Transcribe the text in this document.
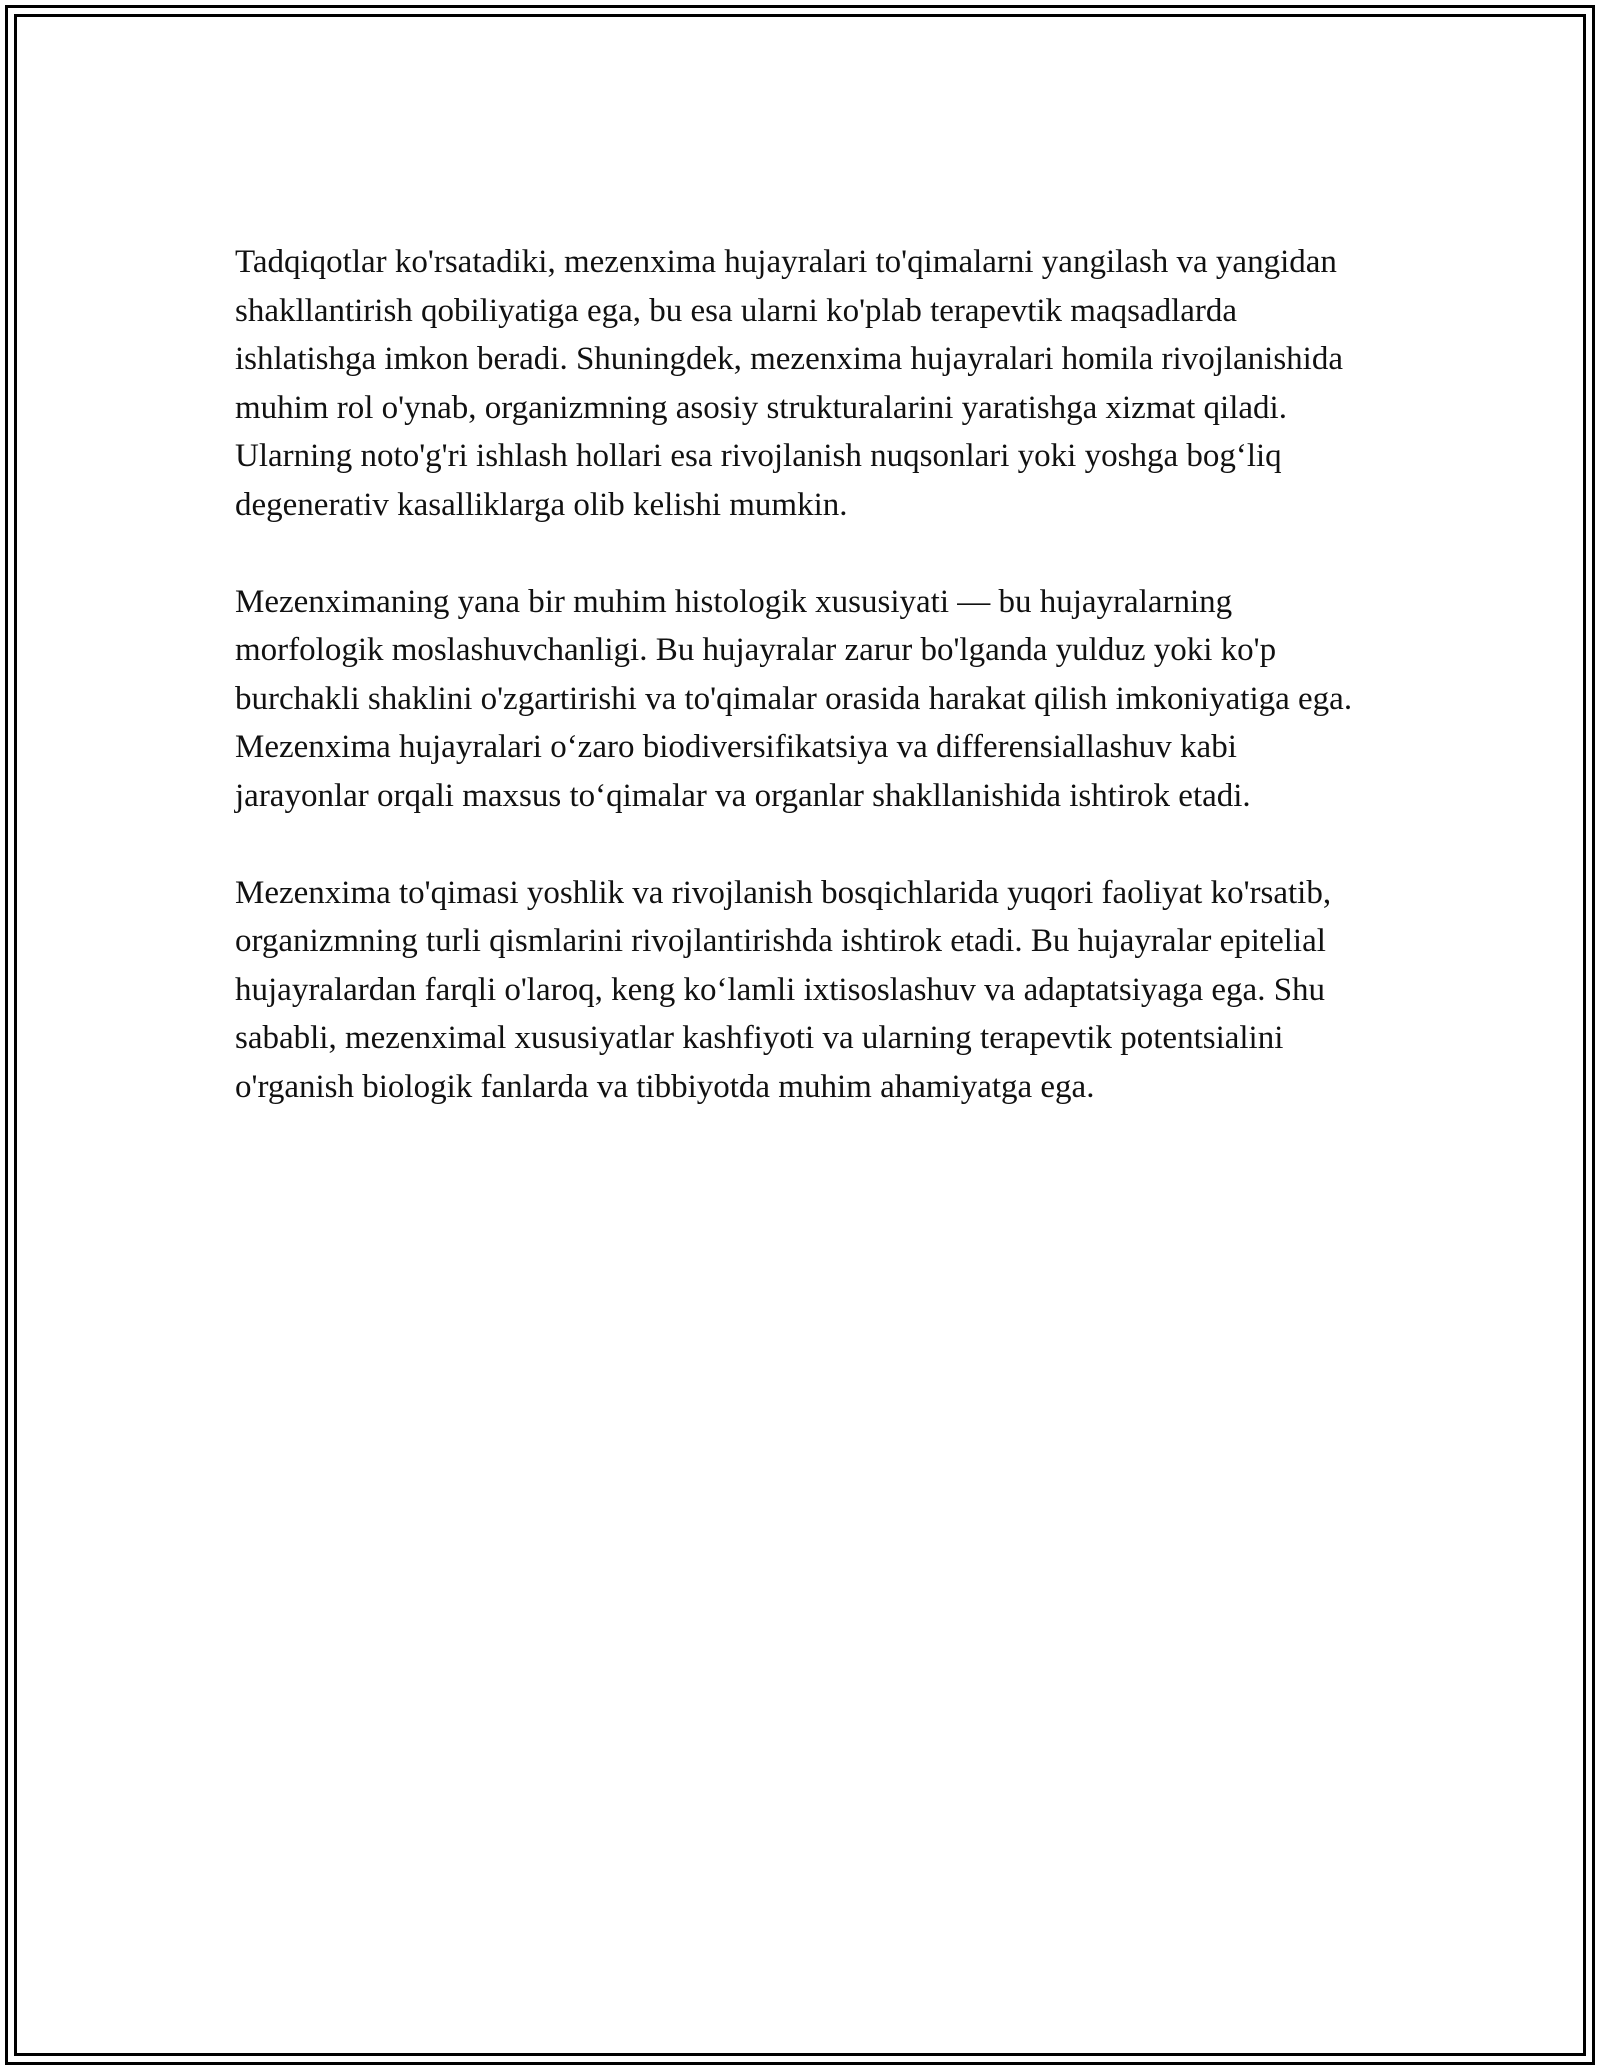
Tadqiqotlar ko'rsatadiki, mezenxima hujayralari to'qimalarni yangilash va yangidan shakllantirish qobiliyatiga ega, bu esa ularni ko'plab terapevtik maqsadlarda ishlatishga imkon beradi. Shuningdek, mezenxima hujayralari homila rivojlanishida muhim rol o'ynab, organizmning asosiy strukturalarini yaratishga xizmat qiladi. Ularning noto'g'ri ishlash hollari esa rivojlanish nuqsonlari yoki yoshga bog‘liq degenerativ kasalliklarga olib kelishi mumkin.

Mezenximaning yana bir muhim histologik xususiyati — bu hujayralarning morfologik moslashuvchanligi. Bu hujayralar zarur bo'lganda yulduz yoki ko'p burchakli shaklini o'zgartirishi va to'qimalar orasida harakat qilish imkoniyatiga ega. Mezenxima hujayralari o‘zaro biodiversifikatsiya va differensiallashuv kabi jarayonlar orqali maxsus to‘qimalar va organlar shakllanishida ishtirok etadi.

Mezenxima to'qimasi yoshlik va rivojlanish bosqichlarida yuqori faoliyat ko'rsatib, organizmning turli qismlarini rivojlantirishda ishtirok etadi. Bu hujayralar epitelial hujayralardan farqli o'laroq, keng ko‘lamli ixtisoslashuv va adaptatsiyaga ega. Shu sababli, mezenximal xususiyatlar kashfiyoti va ularning terapevtik potentsialini o'rganish biologik fanlarda va tibbiyotda muhim ahamiyatga ega.
